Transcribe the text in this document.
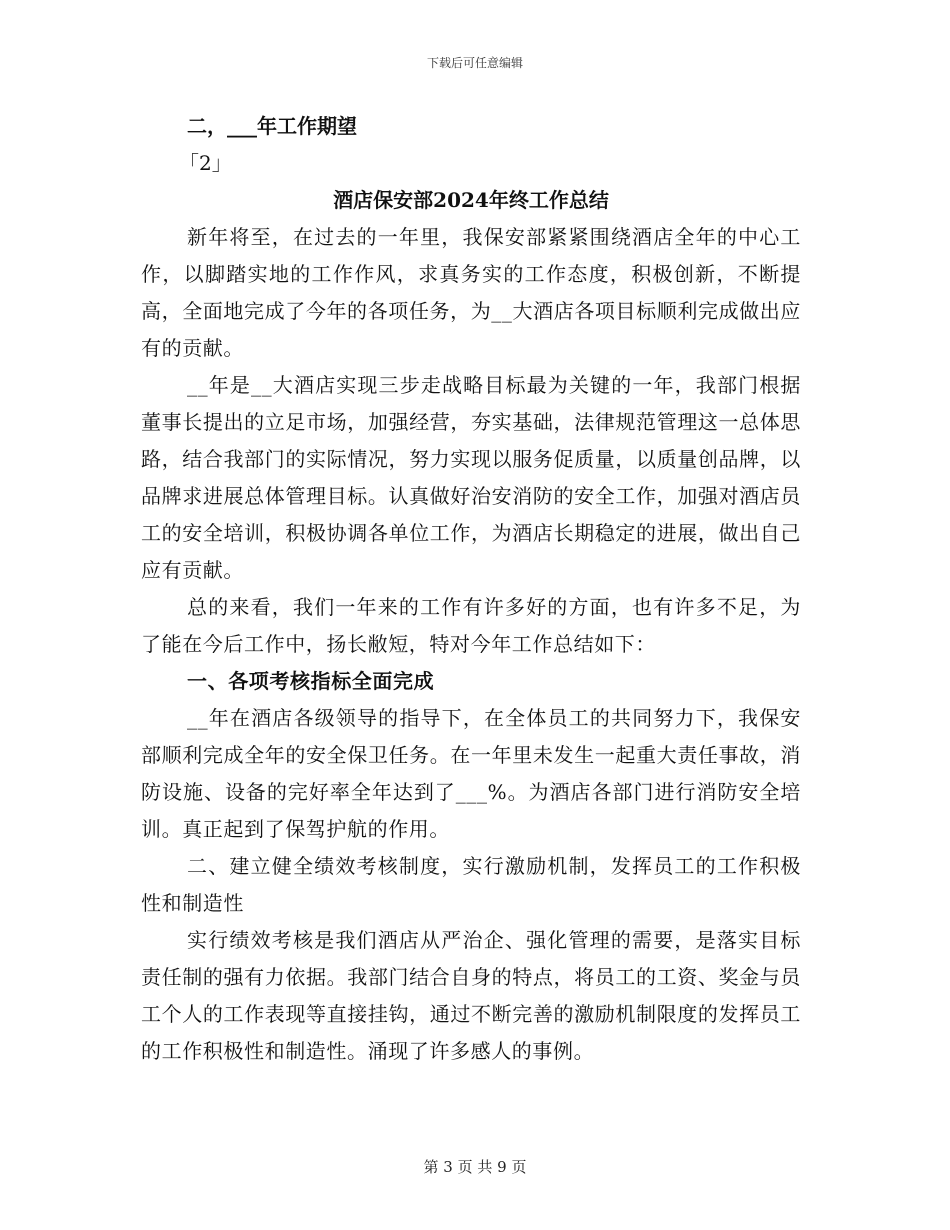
下载后可任意编辑
二，___年工作期望
「2」
酒店保安部2024年终工作总结
新年将至，在过去的一年里，我保安部紧紧围绕酒店全年的中心工作，以脚踏实地的工作作风，求真务实的工作态度，积极创新，不断提高，全面地完成了今年的各项任务，为__大酒店各项目标顺利完成做出应有的贡献。
__年是__大酒店实现三步走战略目标最为关键的一年，我部门根据董事长提出的立足市场，加强经营，夯实基础，法律规范管理这一总体思路，结合我部门的实际情况，努力实现以服务促质量，以质量创品牌，以品牌求进展总体管理目标。认真做好治安消防的安全工作，加强对酒店员工的安全培训，积极协调各单位工作，为酒店长期稳定的进展，做出自己应有贡献。
总的来看，我们一年来的工作有许多好的方面，也有许多不足，为了能在今后工作中，扬长敝短，特对今年工作总结如下：
一、各项考核指标全面完成
__年在酒店各级领导的指导下，在全体员工的共同努力下，我保安部顺利完成全年的安全保卫任务。在一年里未发生一起重大责任事故，消防设施、设备的完好率全年达到了___%。为酒店各部门进行消防安全培训。真正起到了保驾护航的作用。
二、建立健全绩效考核制度，实行激励机制，发挥员工的工作积极性和制造性
实行绩效考核是我们酒店从严治企、强化管理的需要，是落实目标责任制的强有力依据。我部门结合自身的特点，将员工的工资、奖金与员工个人的工作表现等直接挂钩，通过不断完善的激励机制限度的发挥员工的工作积极性和制造性。涌现了许多感人的事例。
第 3 页 共 9 页
